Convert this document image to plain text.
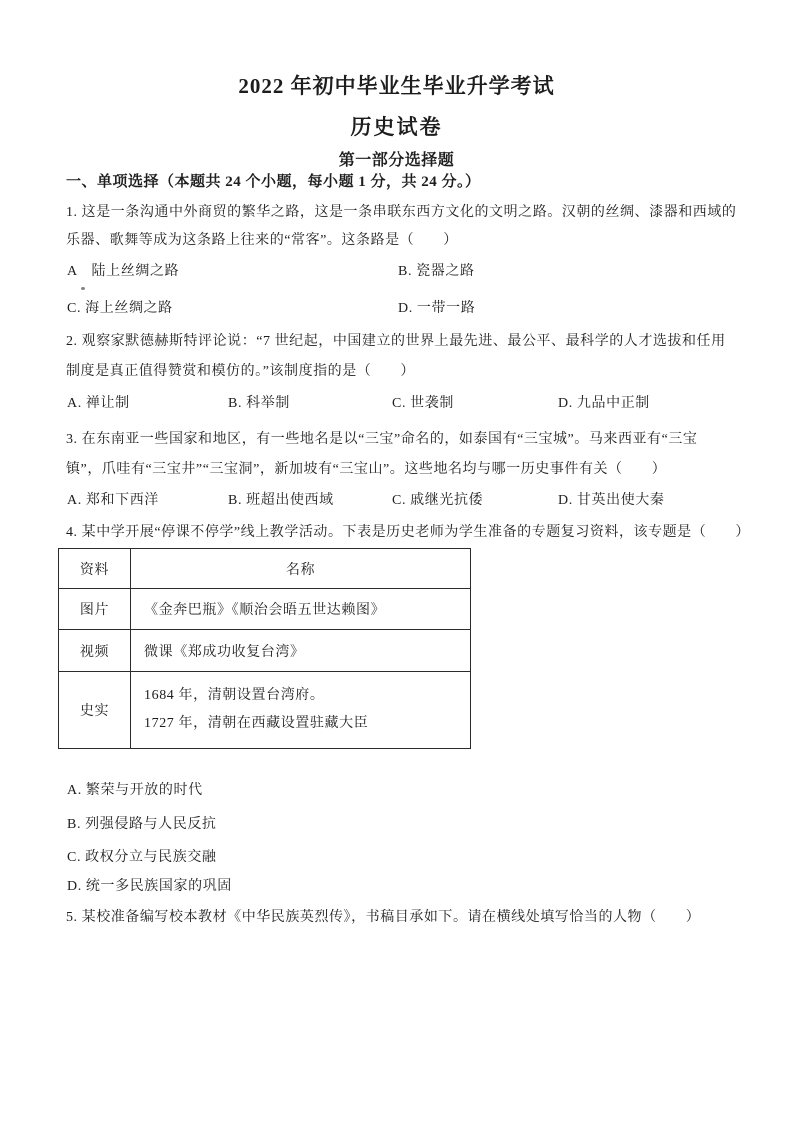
2022 年初中毕业生毕业升学考试
历史试卷
第一部分选择题
一、单项选择（本题共 24 个小题，每小题 1 分，共 24 分。）
1. 这是一条沟通中外商贸的繁华之路，这是一条串联东西方文化的文明之路。汉朝的丝绸、漆器和西域的
乐器、歌舞等成为这条路上往来的“常客”。这条路是（　　）
A　陆上丝绸之路	B. 瓷器之路
C. 海上丝绸之路	D. 一带一路
2. 观察家默德赫斯特评论说：“7 世纪起，中国建立的世界上最先进、最公平、最科学的人才选拔和任用
制度是真正值得赞赏和模仿的。”该制度指的是（　　）
A. 禅让制	B. 科举制	C. 世袭制	D. 九品中正制
3. 在东南亚一些国家和地区，有一些地名是以“三宝”命名的，如泰国有“三宝城”。马来西亚有“三宝
镇”，爪哇有“三宝井”“三宝洞”，新加坡有“三宝山”。这些地名均与哪一历史事件有关（　　）
A. 郑和下西洋	B. 班超出使西域	C. 戚继光抗倭	D. 甘英出使大秦
4. 某中学开展“停课不停学”线上教学活动。下表是历史老师为学生准备的专题复习资料，该专题是（　　）
资料	名称
图片	《金奔巴瓶》《顺治会晤五世达赖图》
视频	微课《郑成功收复台湾》
史实	1684 年，清朝设置台湾府。
1727 年，清朝在西藏设置驻藏大臣
A. 繁荣与开放的时代
B. 列强侵路与人民反抗
C. 政权分立与民族交融
D. 统一多民族国家的巩固
5. 某校准备编写校本教材《中华民族英烈传》，书稿目承如下。请在横线处填写恰当的人物（　　）
